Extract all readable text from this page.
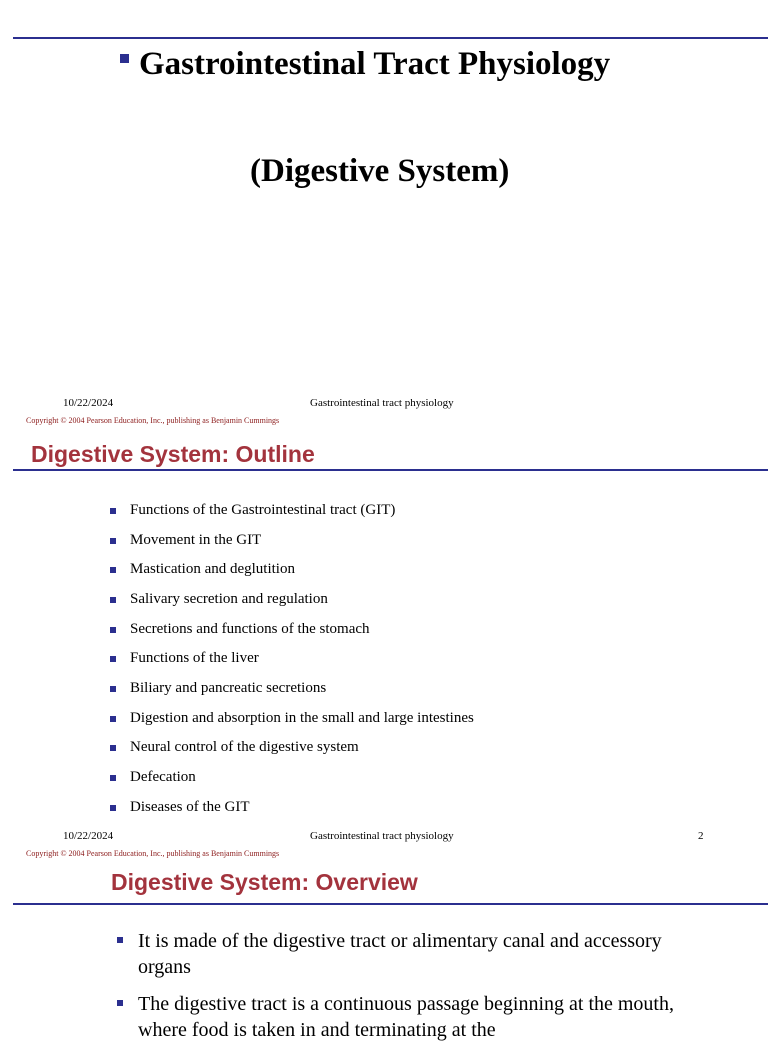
Gastrointestinal Tract Physiology
(Digestive System)
10/22/2024	Gastrointestinal tract physiology
Copyright © 2004 Pearson Education, Inc., publishing as Benjamin Cummings
Digestive System: Outline
Functions of the Gastrointestinal tract (GIT)
Movement in the GIT
Mastication and deglutition
Salivary secretion and regulation
Secretions and functions of the stomach
Functions of the liver
Biliary and pancreatic secretions
Digestion and absorption in the small and large intestines
Neural control of the digestive system
Defecation
Diseases of the GIT
10/22/2024	Gastrointestinal tract physiology	2
Copyright © 2004 Pearson Education, Inc., publishing as Benjamin Cummings
Digestive System: Overview
It is made of the digestive tract or alimentary canal and accessory organs
The digestive tract is a continuous passage beginning at the mouth, where food is taken in and terminating at the
